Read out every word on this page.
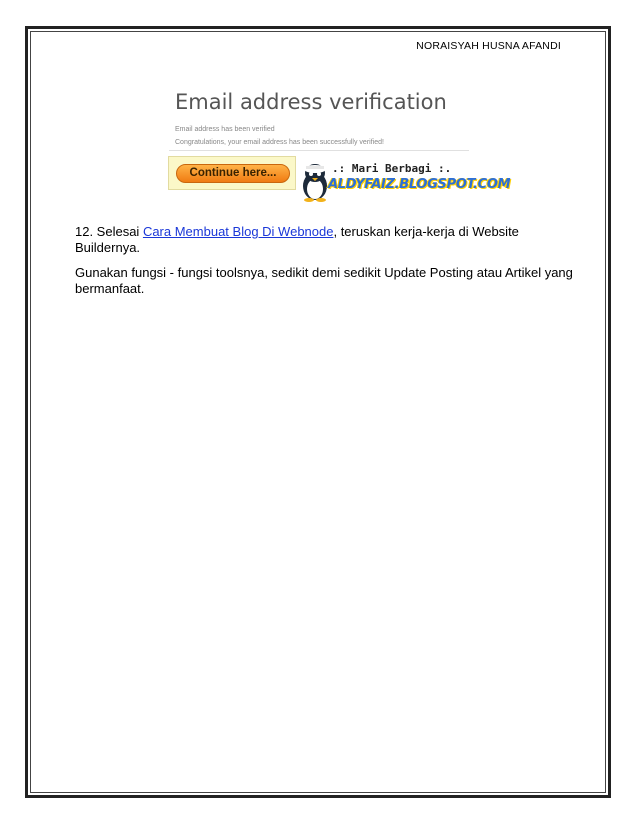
NORAISYAH HUSNA AFANDI
Email address verification
Email address has been verified
Congratulations, your email address has been successfully verified!
Continue here...	.: Mari Berbagi :.
ALDYFAIZ.BLOGSPOT.COM
12. Selesai Cara Membuat Blog Di Webnode, teruskan kerja-kerja di Website Buildernya.
Gunakan fungsi - fungsi toolsnya, sedikit demi sedikit Update Posting atau Artikel yang bermanfaat.
